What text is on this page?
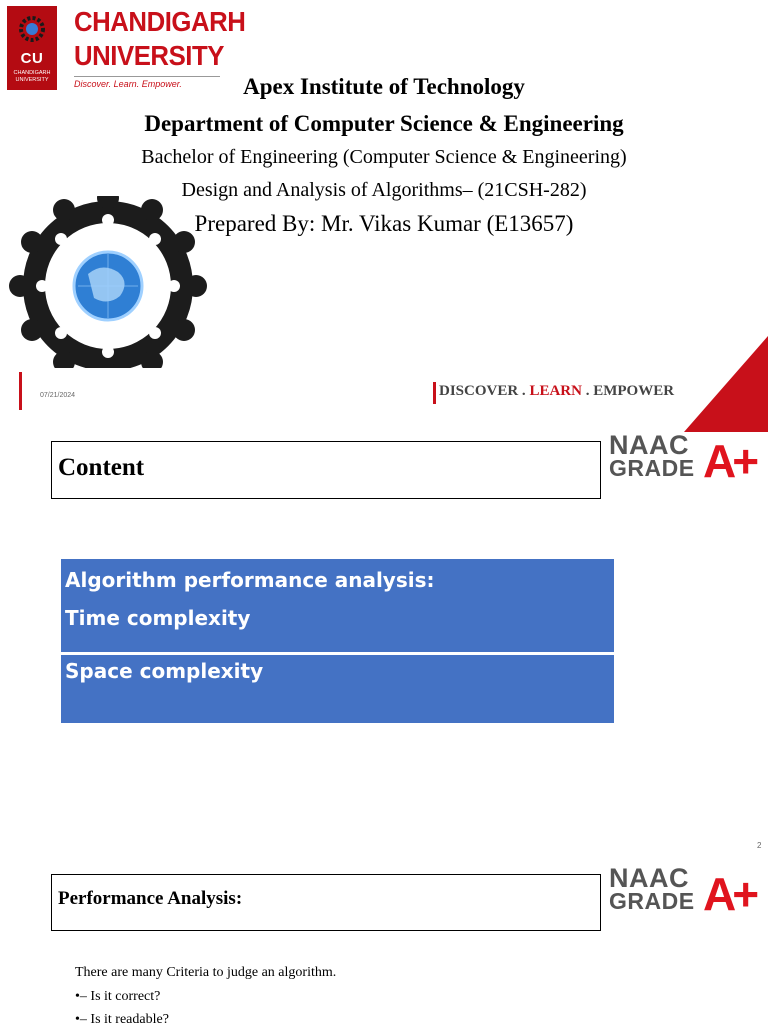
CU
CHANDIGARH UNIVERSITY
CHANDIGARH
UNIVERSITY
Discover. Learn. Empower.	Apex Institute of Technology
Department of Computer Science & Engineering
Bachelor of Engineering (Computer Science & Engineering)
Design and Analysis of Algorithms– (21CSH-282)
Prepared By: Mr. Vikas Kumar (E13657)
07/21/2024	DISCOVER . LEARN . EMPOWER
Content
NAAC
GRADE A+
Algorithm performance analysis:
Time complexity
Space complexity
2
Performance Analysis:
NAAC
GRADE A+
There are many Criteria to judge an algorithm.
•– Is it correct?
•– Is it readable?
